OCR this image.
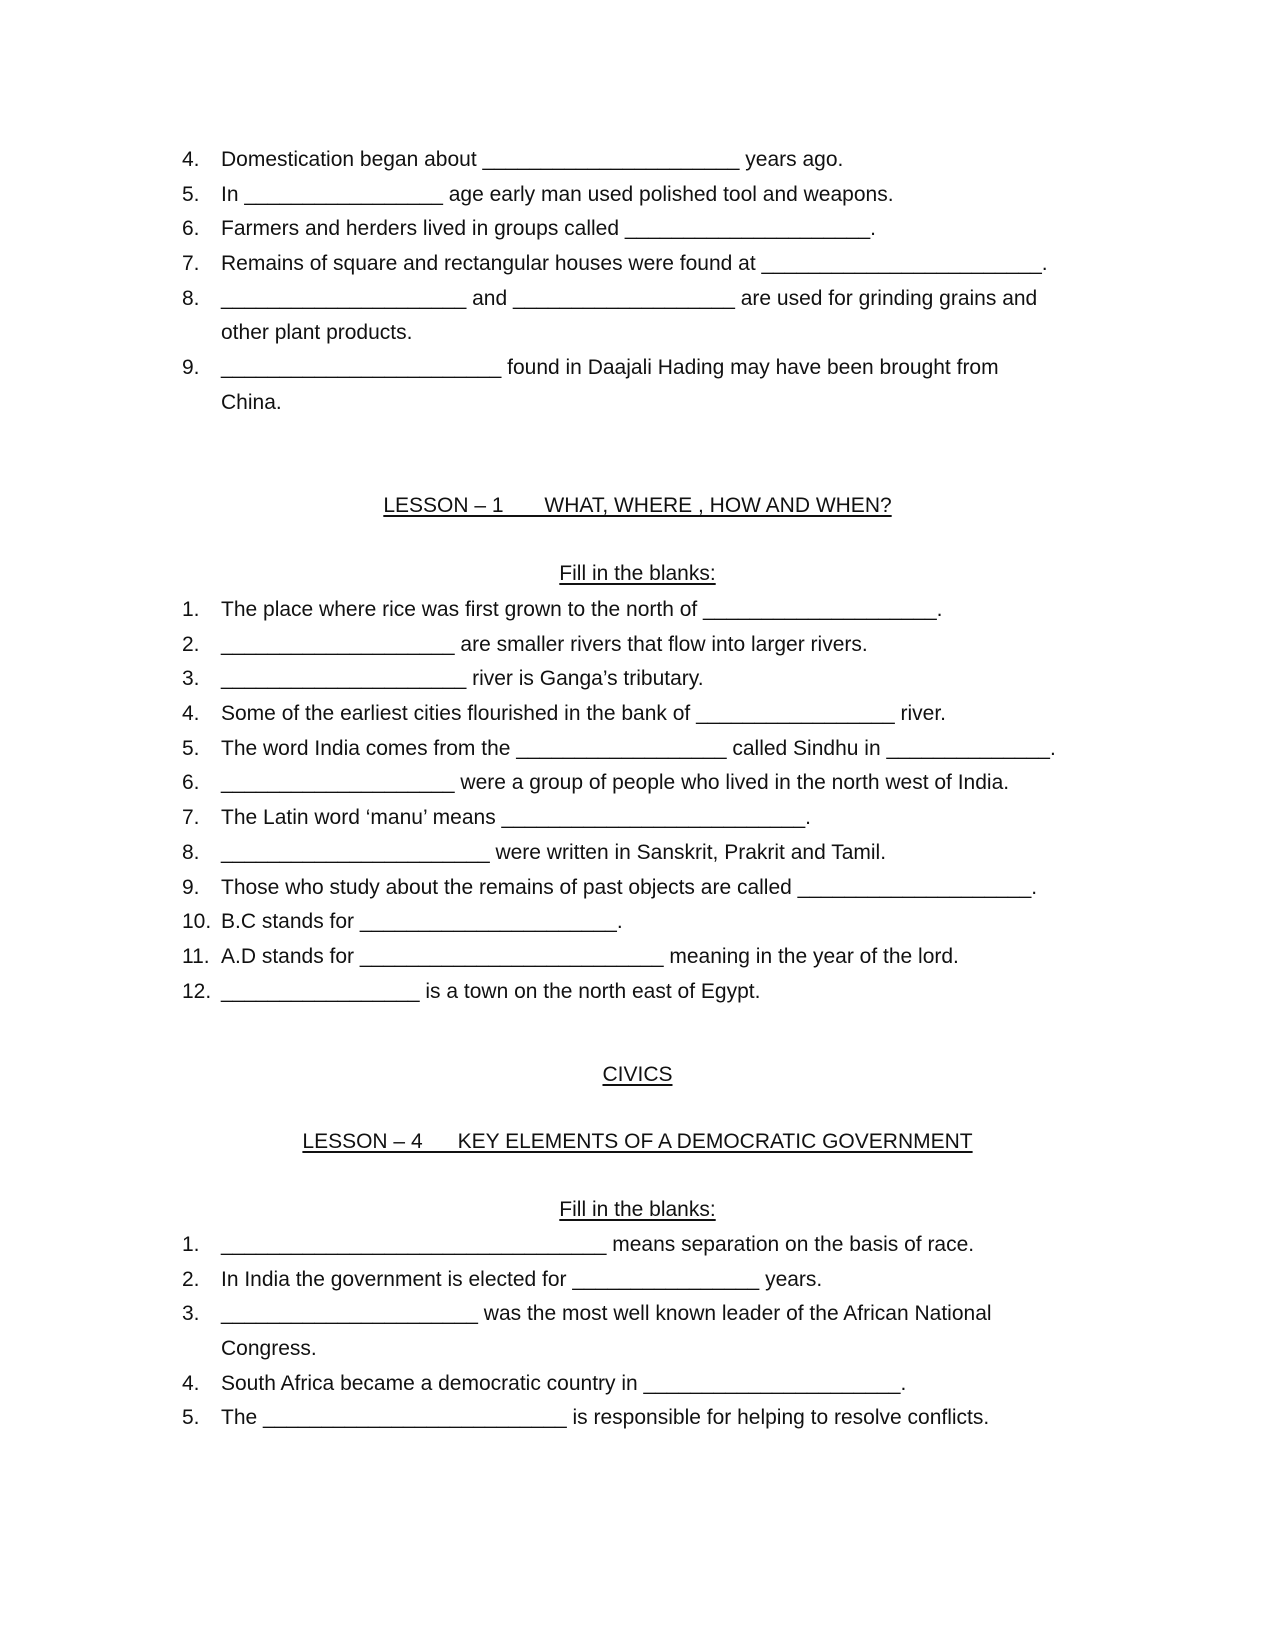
4.	Domestication began about ______________________ years ago.
5.	In _________________ age early man used polished tool and weapons.
6.	Farmers and herders lived in groups called _____________________.
7.	Remains of square and rectangular houses were found at ________________________.
8.	_____________________ and ___________________ are used for grinding grains and
other plant products.
9.	________________________ found in Daajali Hading may have been brought from
China.
LESSON – 1       WHAT, WHERE , HOW AND WHEN?
Fill in the blanks:
1.	The place where rice was first grown to the north of ____________________.
2.	____________________ are smaller rivers that flow into larger rivers.
3.	_____________________ river is Ganga’s tributary.
4.	Some of the earliest cities flourished in the bank of _________________ river.
5.	The word India comes from the __________________ called Sindhu in ______________.
6.	____________________ were a group of people who lived in the north west of India.
7.	The Latin word ‘manu’ means __________________________.
8.	_______________________ were written in Sanskrit, Prakrit and Tamil.
9.	Those who study about the remains of past objects are called ____________________.
10. B.C stands for ______________________.
11. A.D stands for __________________________ meaning in the year of the lord.
12. _________________ is a town on the north east of Egypt.
CIVICS
LESSON – 4      KEY ELEMENTS OF A DEMOCRATIC GOVERNMENT
Fill in the blanks:
1.	_________________________________ means separation on the basis of race.
2.	In India the government is elected for ________________ years.
3.	______________________ was the most well known leader of the African National
Congress.
4.	South Africa became a democratic country in ______________________.
5.	The __________________________ is responsible for helping to resolve conflicts.
